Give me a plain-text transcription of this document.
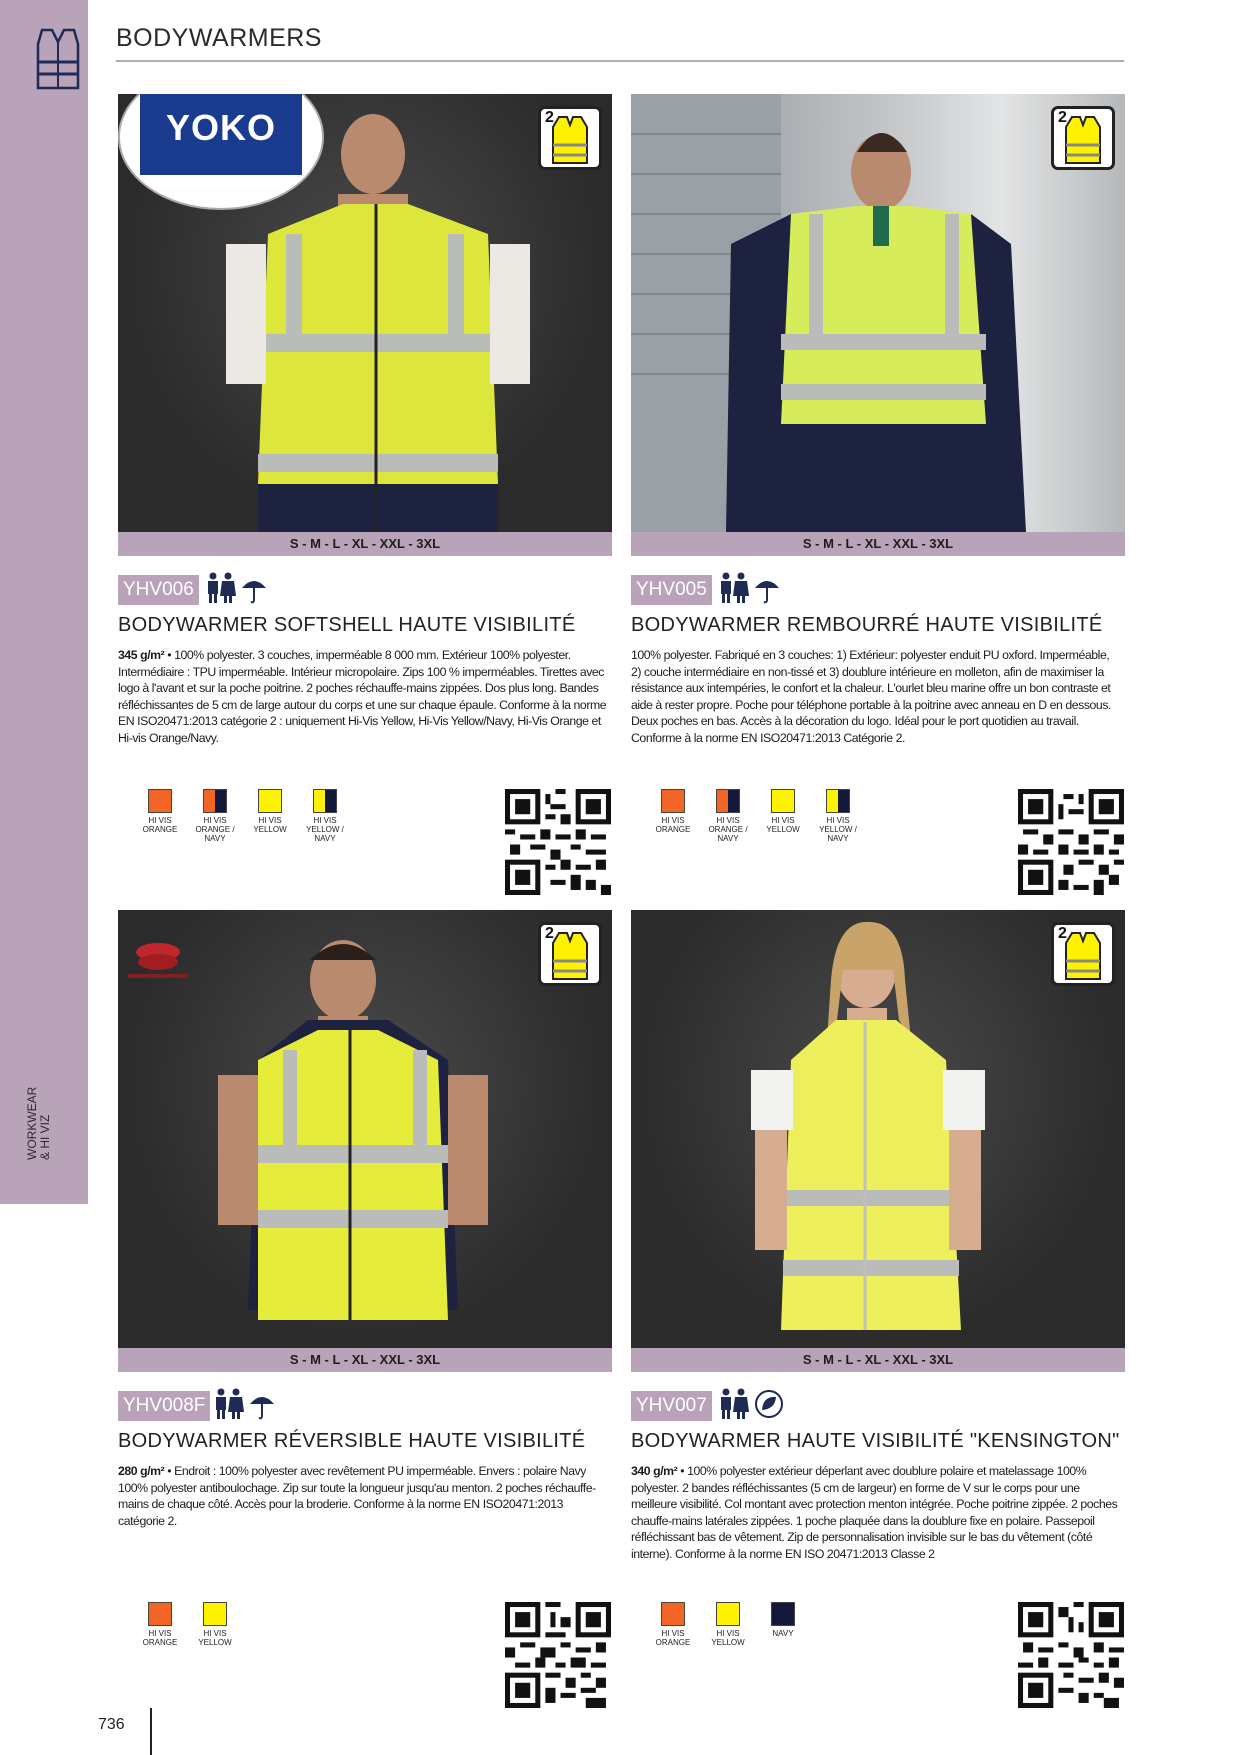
WORKWEAR & HI VIZ
BODYWARMERS
YOKO	2
S - M - L - XL - XXL - 3XL
YHV006
BODYWARMER SOFTSHELL HAUTE VISIBILITÉ
345 g/m² • 100% polyester. 3 couches, imperméable 8 000 mm. Extérieur 100% polyester. Intermédiaire : TPU imperméable. Intérieur micropolaire. Zips 100 % imperméables. Tirettes avec logo à l'avant et sur la poche poitrine. 2 poches réchauffe-mains zippées. Dos plus long. Bandes réfléchissantes de 5 cm de large autour du corps et une sur chaque épaule. Conforme à la norme EN ISO20471:2013 catégorie 2 : uniquement Hi-Vis Yellow, Hi-Vis Yellow/Navy, Hi-Vis Orange et Hi-vis Orange/Navy.
HI VIS ORANGE
HI VIS ORANGE / NAVY
HI VIS YELLOW
HI VIS YELLOW / NAVY
2
S - M - L - XL - XXL - 3XL
YHV005
BODYWARMER REMBOURRÉ HAUTE VISIBILITÉ
100% polyester. Fabriqué en 3 couches: 1) Extérieur: polyester enduit PU oxford. Imperméable, 2) couche intermédiaire en non-tissé et 3) doublure intérieure en molleton, afin de maximiser la résistance aux intempéries, le confort et la chaleur. L'ourlet bleu marine offre un bon contraste et aide à rester propre. Poche pour téléphone portable à la poitrine avec anneau en D en dessous. Deux poches en bas. Accès à la décoration du logo. Idéal pour le port quotidien au travail. Conforme à la norme EN ISO20471:2013 Catégorie 2.
HI VIS ORANGE
HI VIS ORANGE / NAVY
HI VIS YELLOW
HI VIS YELLOW / NAVY
2
S - M - L - XL - XXL - 3XL
YHV008F
BODYWARMER RÉVERSIBLE HAUTE VISIBILITÉ
280 g/m² • Endroit : 100% polyester avec revêtement PU imperméable. Envers : polaire Navy 100% polyester antiboulochage. Zip sur toute la longueur jusqu'au menton. 2 poches réchauffe-mains de chaque côté. Accès pour la broderie. Conforme à la norme EN ISO20471:2013 catégorie 2.
HI VIS ORANGE
HI VIS YELLOW
2
S - M - L - XL - XXL - 3XL
YHV007
BODYWARMER HAUTE VISIBILITÉ "KENSINGTON"
340 g/m² • 100% polyester extérieur déperlant avec doublure polaire et matelassage 100% polyester. 2 bandes réfléchissantes (5 cm de largeur) en forme de V sur le corps pour une meilleure visibilité. Col montant avec protection menton intégrée. Poche poitrine zippée. 2 poches chauffe-mains latérales zippées. 1 poche plaquée dans la doublure fixe en polaire. Passepoil réfléchissant bas de vêtement. Zip de personnalisation invisible sur le bas du vêtement (côté interne). Conforme à la norme EN ISO 20471:2013 Classe 2
HI VIS ORANGE
HI VIS YELLOW
NAVY
736
